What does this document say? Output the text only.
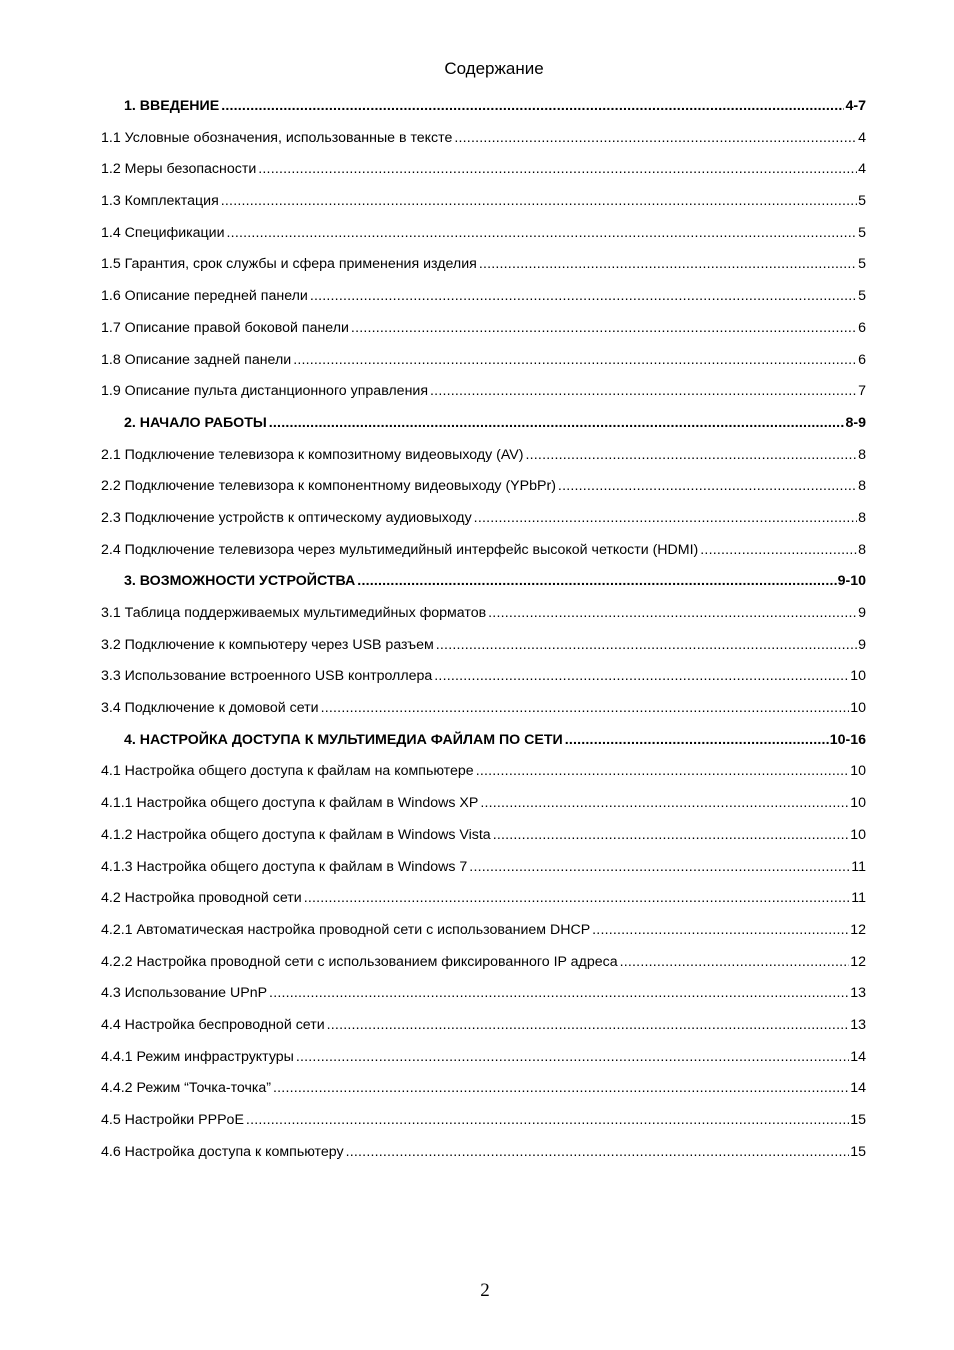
Содержание
1. ВВЕДЕНИЕ .....	4-7
1.1 Условные обозначения, использованные в тексте .....	4
1.2 Меры безопасности .....	4
1.3 Комплектация .....	5
1.4 Спецификации .....	5
1.5 Гарантия, срок службы и сфера применения изделия .....	5
1.6 Описание передней панели .....	5
1.7 Описание правой боковой панели .....	6
1.8 Описание задней панели .....	6
1.9 Описание пульта дистанционного управления .....	7
2. НАЧАЛО РАБОТЫ .....	8-9
2.1 Подключение телевизора к композитному видеовыходу (AV) .....	8
2.2 Подключение телевизора к компонентному видеовыходу (YPbPr) .....	8
2.3 Подключение устройств к оптическому аудиовыходу .....	8
2.4 Подключение телевизора через мультимедийный интерфейс высокой четкости (HDMI) .....	8
3. ВОЗМОЖНОСТИ УСТРОЙСТВА .....	9-10
3.1 Таблица поддерживаемых мультимедийных форматов .....	9
3.2 Подключение к компьютеру через USB разъем .....	9
3.3 Использование встроенного USB контроллера .....	10
3.4 Подключение к домовой сети .....	10
4. НАСТРОЙКА ДОСТУПА К МУЛЬТИМЕДИА ФАЙЛАМ ПО СЕТИ .....	10-16
4.1 Настройка общего доступа к файлам на компьютере .....	10
4.1.1 Настройка общего доступа к файлам в Windows XP .....	10
4.1.2 Настройка общего доступа к файлам в Windows Vista .....	10
4.1.3 Настройка общего доступа к файлам в Windows 7 .....	11
4.2 Настройка проводной сети .....	11
4.2.1 Автоматическая настройка проводной сети с использованием DHCP .....	12
4.2.2 Настройка проводной сети с использованием фиксированного IP адреса .....	12
4.3 Использование UPnP .....	13
4.4 Настройка беспроводной сети .....	13
4.4.1 Режим инфраструктуры .....	14
4.4.2 Режим “Точка-точка” .....	14
4.5 Настройки PPPoE .....	15
4.6 Настройка доступа к компьютеру .....	15
2
